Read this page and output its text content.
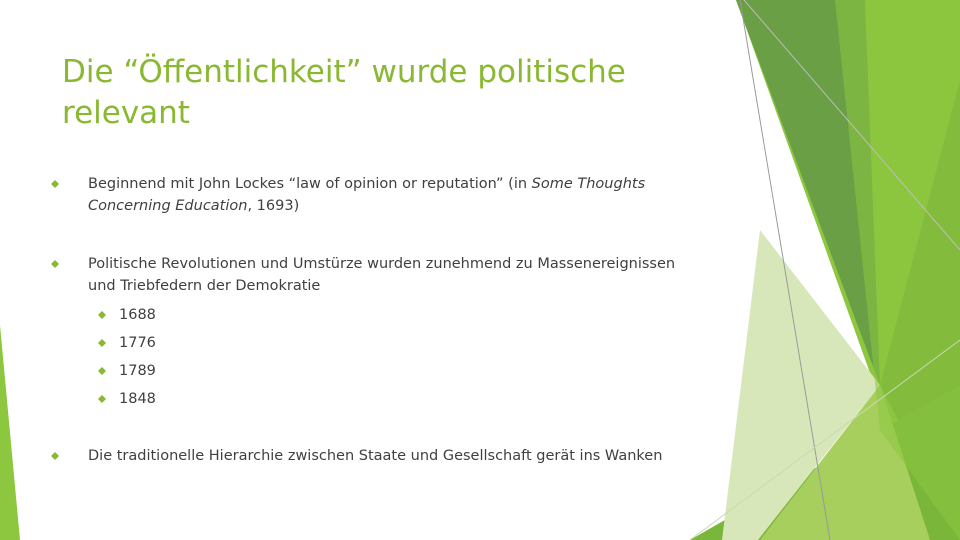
Die “Öffentlichkeit” wurde politische relevant
Beginnend mit John Lockes “law of opinion or reputation” (in Some Thoughts Concerning Education, 1693)
Politische Revolutionen und Umstürze wurden zunehmend zu Massenereignissen und Triebfedern der Demokratie
1688
1776
1789
1848
Die traditionelle Hierarchie zwischen Staate und Gesellschaft gerät ins Wanken
